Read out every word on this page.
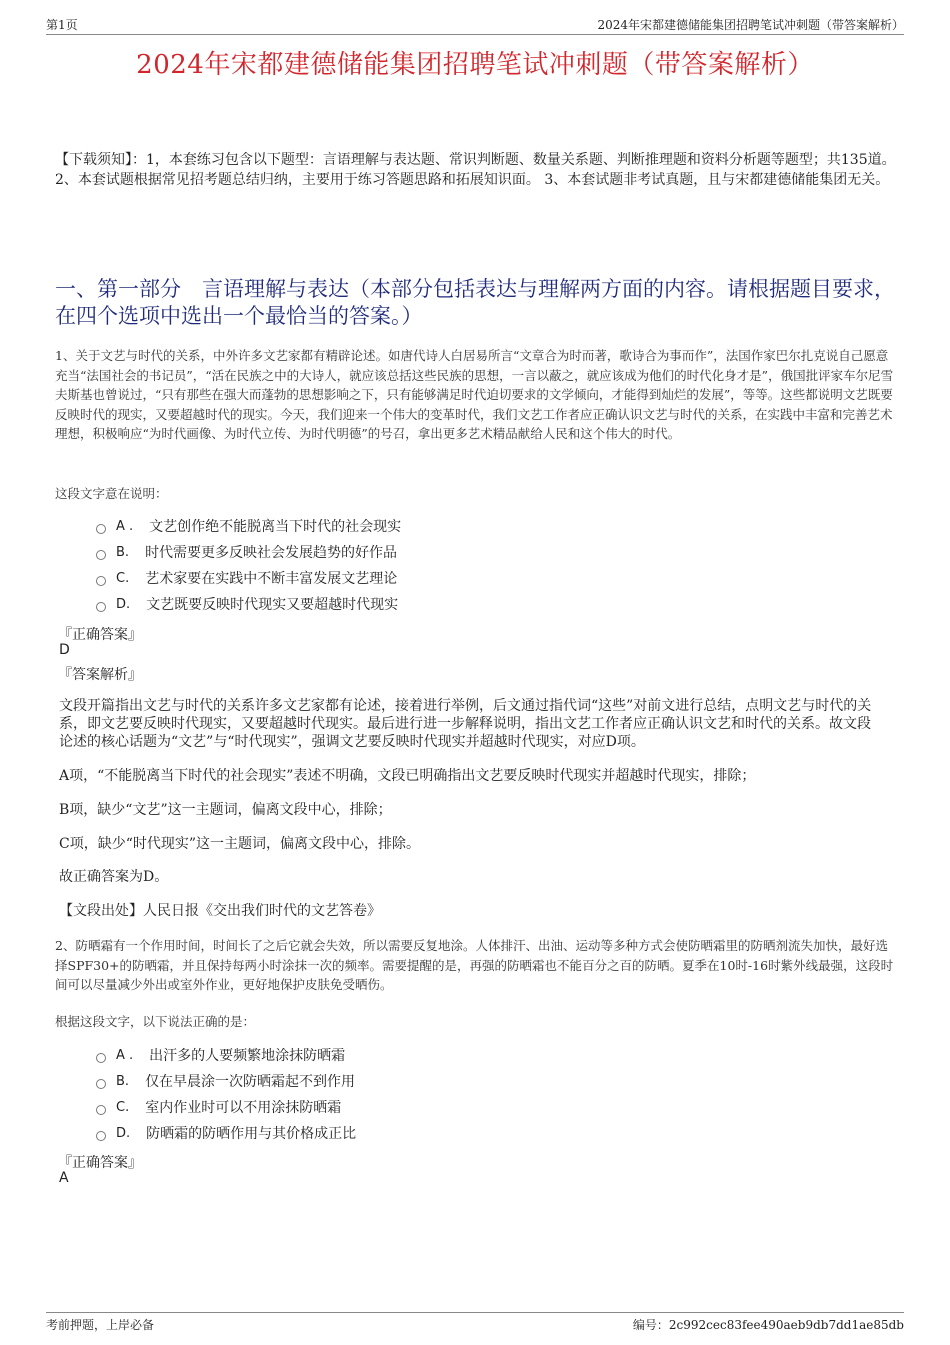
第1页	2024年宋都建德储能集团招聘笔试冲刺题（带答案解析）
2024年宋都建德储能集团招聘笔试冲刺题（带答案解析）
【下载须知】：1，本套练习包含以下题型：言语理解与表达题、常识判断题、数量关系题、判断推理题和资料分析题等题型；共135道。 2、本套试题根据常见招考题总结归纳，主要用于练习答题思路和拓展知识面。 3、本套试题非考试真题，且与宋都建德储能集团无关。
一、第一部分　言语理解与表达（本部分包括表达与理解两方面的内容。请根据题目要求，在四个选项中选出一个最恰当的答案。）
1、关于文艺与时代的关系，中外许多文艺家都有精辟论述。如唐代诗人白居易所言“文章合为时而著，歌诗合为事而作”，法国作家巴尔扎克说自己愿意充当“法国社会的书记员”，“活在民族之中的大诗人，就应该总括这些民族的思想，一言以蔽之，就应该成为他们的时代化身才是”，俄国批评家车尔尼雪夫斯基也曾说过，“只有那些在强大而蓬勃的思想影响之下，只有能够满足时代迫切要求的文学倾向，才能得到灿烂的发展”，等等。这些都说明文艺既要反映时代的现实，又要超越时代的现实。今天，我们迎来一个伟大的变革时代，我们文艺工作者应正确认识文艺与时代的关系，在实践中丰富和完善艺术理想，积极响应“为时代画像、为时代立传、为时代明德”的号召，拿出更多艺术精品献给人民和这个伟大的时代。
这段文字意在说明：
A . 文艺创作绝不能脱离当下时代的社会现实
B. 时代需要更多反映社会发展趋势的好作品
C. 艺术家要在实践中不断丰富发展文艺理论
D. 文艺既要反映时代现实又要超越时代现实
『正确答案』
D
『答案解析』
文段开篇指出文艺与时代的关系许多文艺家都有论述，接着进行举例，后文通过指代词“这些”对前文进行总结，点明文艺与时代的关系，即文艺要反映时代现实，又要超越时代现实。最后进行进一步解释说明，指出文艺工作者应正确认识文艺和时代的关系。故文段论述的核心话题为“文艺”与“时代现实”，强调文艺要反映时代现实并超越时代现实，对应D项。
A项，“不能脱离当下时代的社会现实”表述不明确，文段已明确指出文艺要反映时代现实并超越时代现实，排除；
B项，缺少“文艺”这一主题词，偏离文段中心，排除；
C项，缺少“时代现实”这一主题词，偏离文段中心，排除。
故正确答案为D。
【文段出处】人民日报《交出我们时代的文艺答卷》
2、防晒霜有一个作用时间，时间长了之后它就会失效，所以需要反复地涂。人体排汗、出油、运动等多种方式会使防晒霜里的防晒剂流失加快，最好选择SPF30+的防晒霜，并且保持每两小时涂抹一次的频率。需要提醒的是，再强的防晒霜也不能百分之百的防晒。夏季在10时-16时紫外线最强，这段时间可以尽量减少外出或室外作业，更好地保护皮肤免受晒伤。
根据这段文字，以下说法正确的是：
A . 出汗多的人要频繁地涂抹防晒霜
B. 仅在早晨涂一次防晒霜起不到作用
C. 室内作业时可以不用涂抹防晒霜
D. 防晒霜的防晒作用与其价格成正比
『正确答案』
A
考前押题，上岸必备	编号：2c992cec83fee490aeb9db7dd1ae85db
